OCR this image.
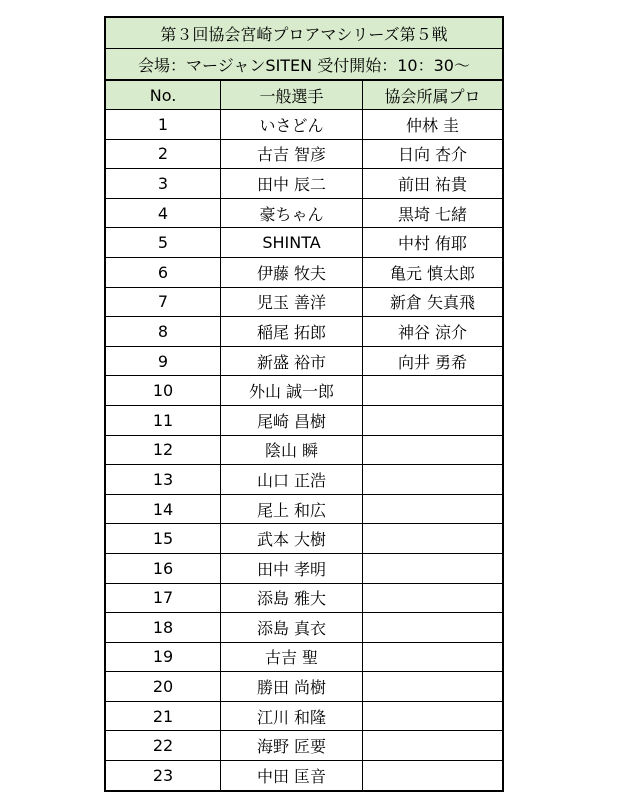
第３回協会宮崎プロアマシリーズ第５戦
会場：マージャンSITEN 受付開始：10：30〜
No.	一般選手	協会所属プロ
1	いさどん	仲林 圭
2	古吉 智彦	日向 杏介
3	田中 辰二	前田 祐貴
4	豪ちゃん	黒埼 七緒
5	SHINTA	中村 侑耶
6	伊藤 牧夫	亀元 慎太郎
7	児玉 善洋	新倉 矢真飛
8	稲尾 拓郎	神谷 涼介
9	新盛 裕市	向井 勇希
10	外山 誠一郎	
11	尾崎 昌樹	
12	陰山 瞬	
13	山口 正浩	
14	尾上 和広	
15	武本 大樹	
16	田中 孝明	
17	添島 雅大	
18	添島 真衣	
19	古吉 聖	
20	勝田 尚樹	
21	江川 和隆	
22	海野 匠要	
23	中田 匡音	
